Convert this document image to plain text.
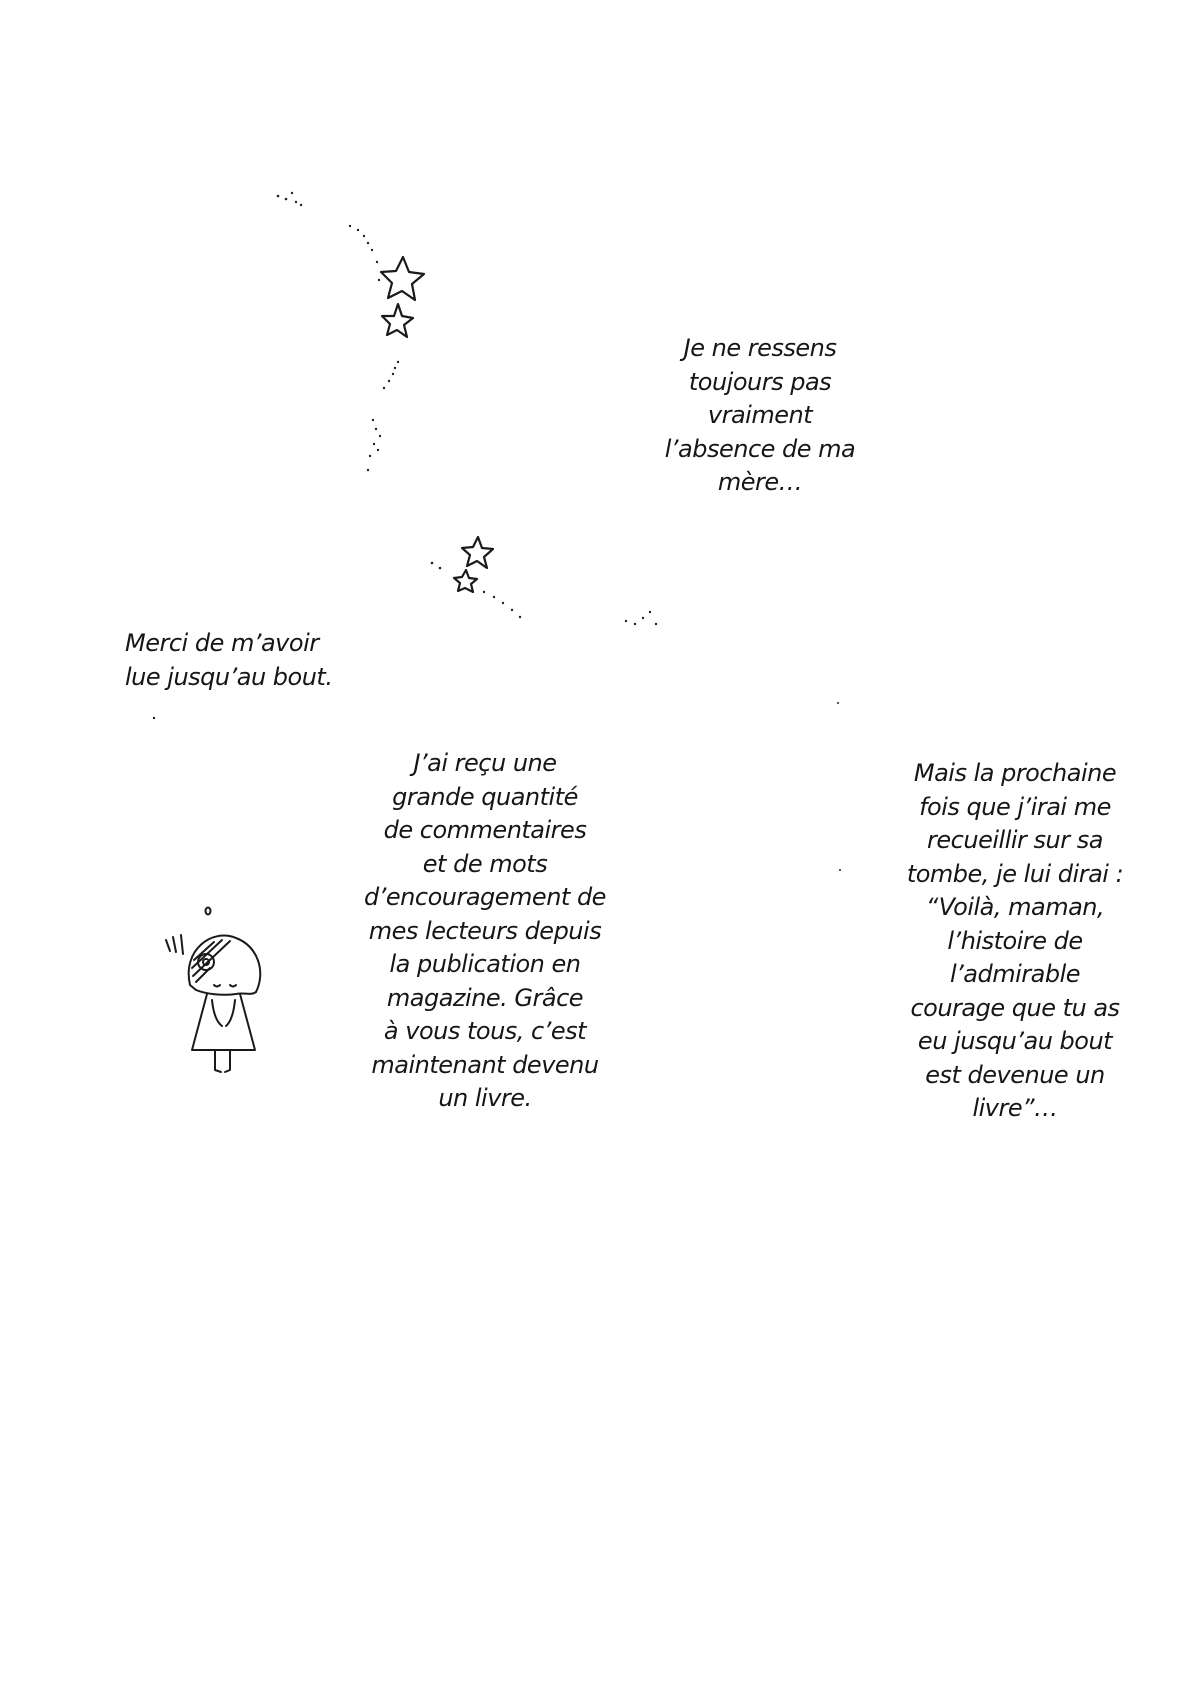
Je ne ressens
toujours pas
vraiment
l’absence de ma
mère…
Merci de m’avoir
lue jusqu’au bout.
J’ai reçu une
grande quantité
de commentaires
et de mots
d’encouragement de
mes lecteurs depuis
la publication en
magazine. Grâce
à vous tous, c’est
maintenant devenu
un livre.
Mais la prochaine
fois que j’irai me
recueillir sur sa
tombe, je lui dirai :
“Voilà, maman,
l’histoire de
l’admirable
courage que tu as
eu jusqu’au bout
est devenue un
livre”…
